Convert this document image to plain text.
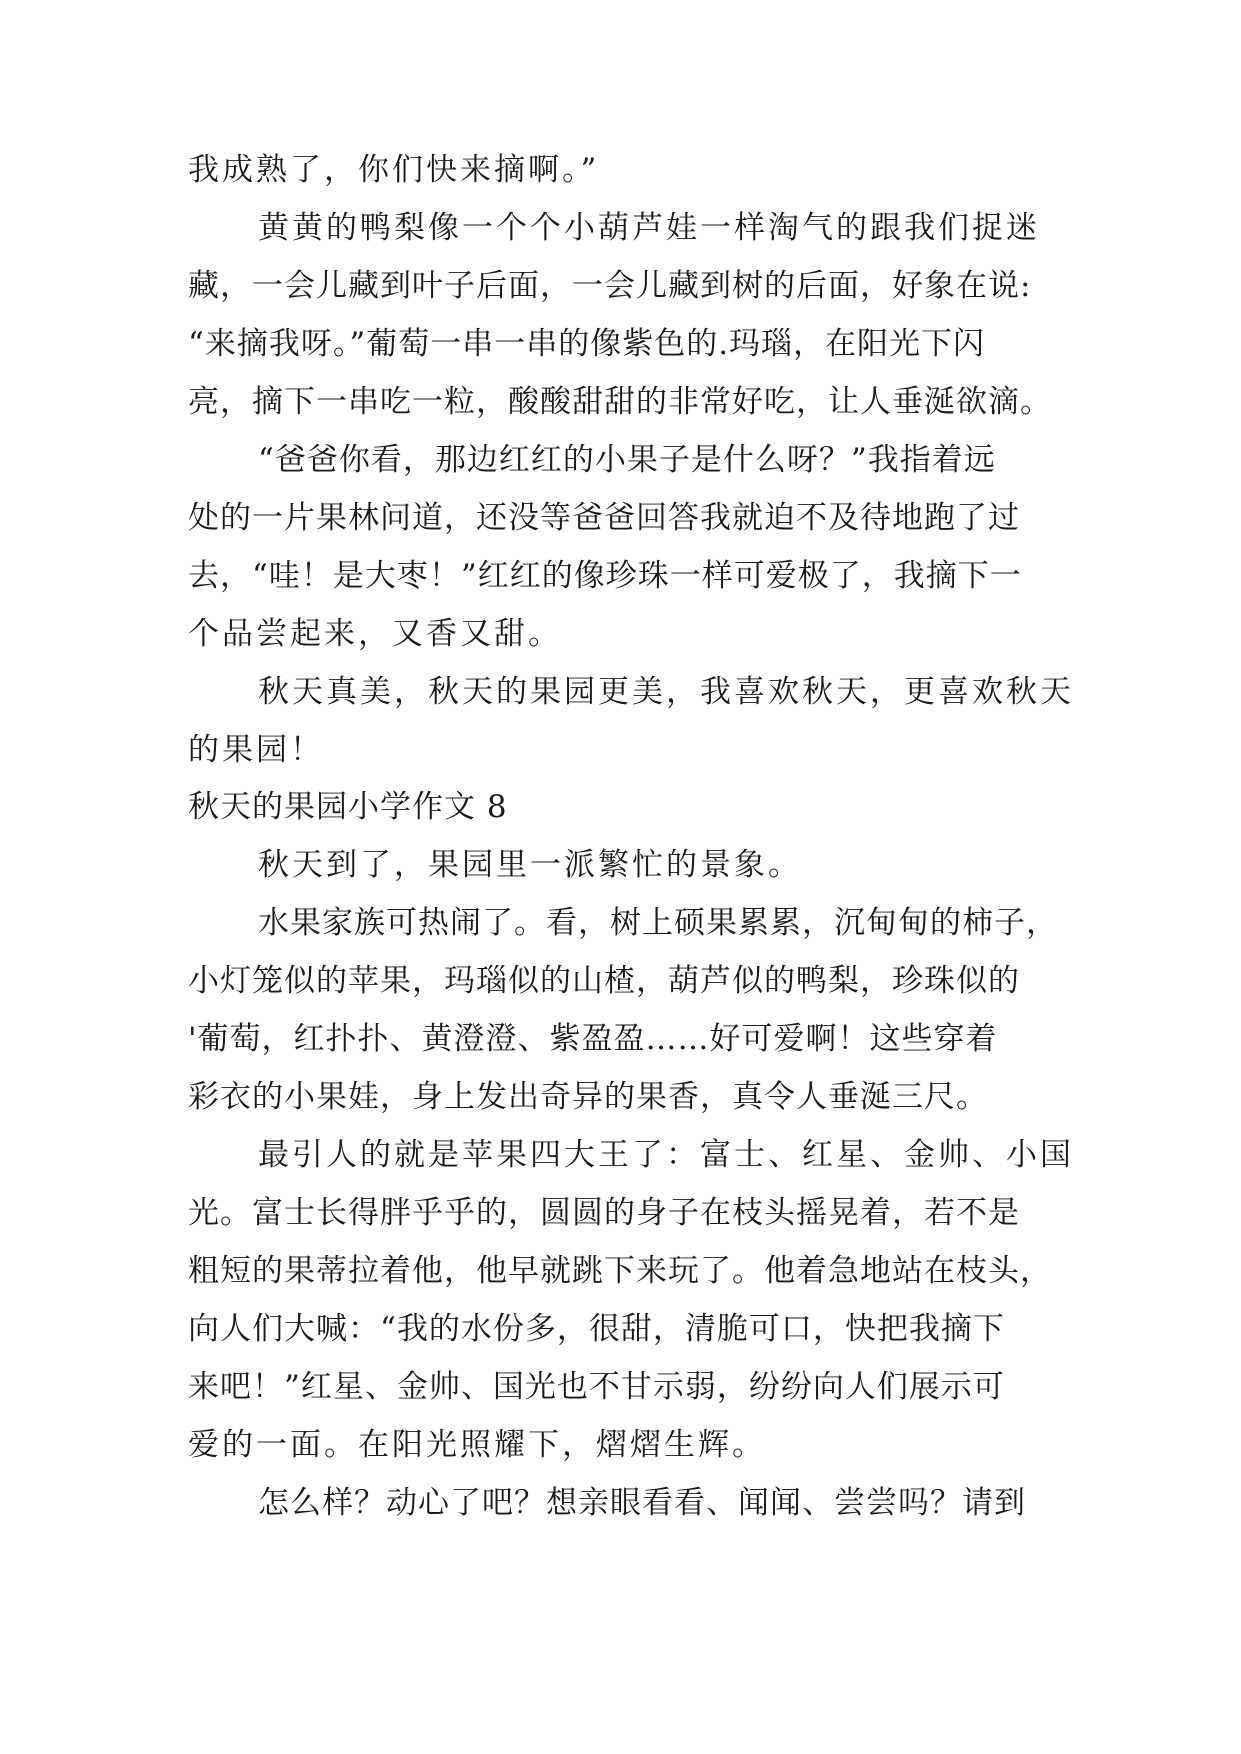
我成熟了，你们快来摘啊。”
黄黄的鸭梨像一个个小葫芦娃一样淘气的跟我们捉迷
藏，一会儿藏到叶子后面，一会儿藏到树的后面，好象在说:
“来摘我呀。”葡萄一串一串的像紫色的.玛瑙，在阳光下闪
亮，摘下一串吃一粒，酸酸甜甜的非常好吃，让人垂涎欲滴。
“爸爸你看，那边红红的小果子是什么呀？”我指着远
处的一片果林问道，还没等爸爸回答我就迫不及待地跑了过
去，“哇！是大枣！”红红的像珍珠一样可爱极了，我摘下一
个品尝起来，又香又甜。
秋天真美，秋天的果园更美，我喜欢秋天，更喜欢秋天
的果园！
秋天的果园小学作文 8
秋天到了，果园里一派繁忙的景象。
水果家族可热闹了。看，树上硕果累累，沉甸甸的柿子，
小灯笼似的苹果，玛瑙似的山楂，葫芦似的鸭梨，珍珠似的
'葡萄，红扑扑、黄澄澄、紫盈盈……好可爱啊！这些穿着
彩衣的小果娃，身上发出奇异的果香，真令人垂涎三尺。
最引人的就是苹果四大王了：富士、红星、金帅、小国
光。富士长得胖乎乎的，圆圆的身子在枝头摇晃着，若不是
粗短的果蒂拉着他，他早就跳下来玩了。他着急地站在枝头，
向人们大喊：“我的水份多，很甜，清脆可口，快把我摘下
来吧！”红星、金帅、国光也不甘示弱，纷纷向人们展示可
爱的一面。在阳光照耀下，熠熠生辉。
怎么样？动心了吧？想亲眼看看、闻闻、尝尝吗？请到
